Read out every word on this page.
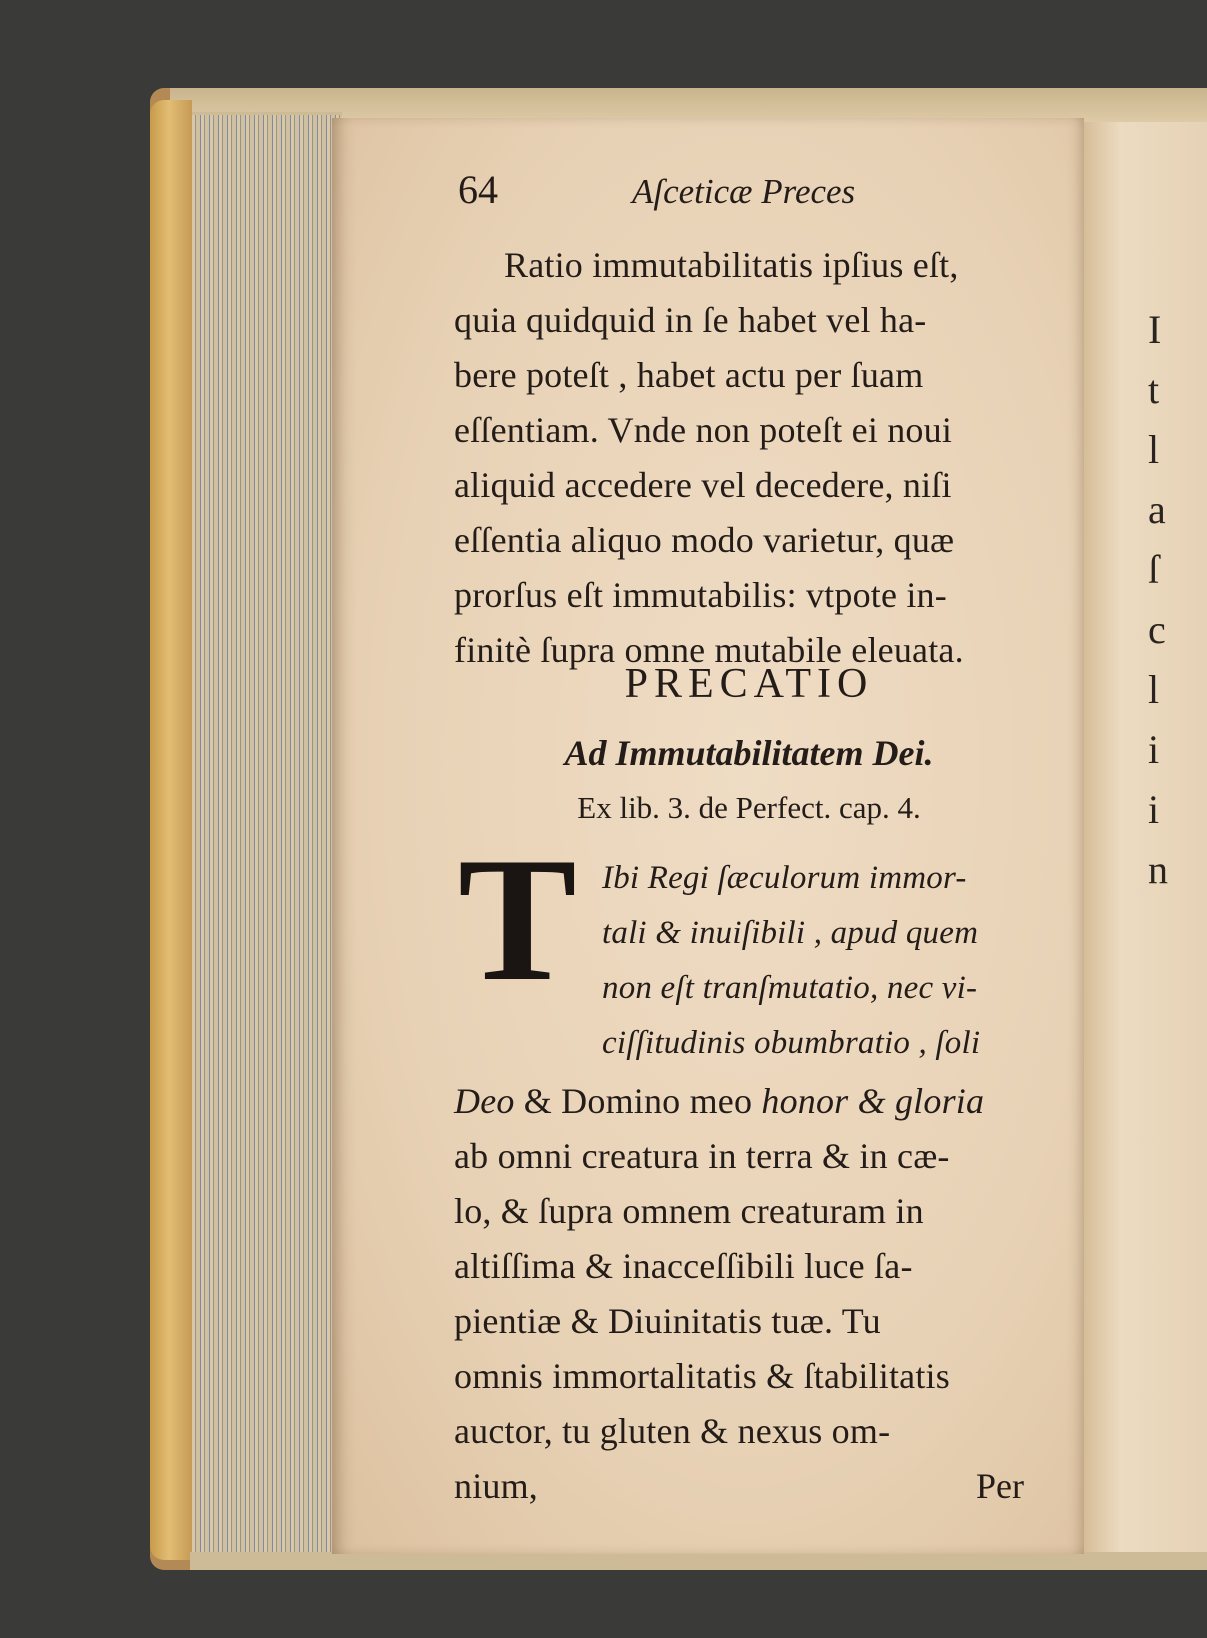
I
t
l
a
ſ
c
l
i
i
n
64	Aſceticæ Preces
Ratio immutabilitatis ipſius eſt,
quia quidquid in ſe habet vel ha-
bere poteſt , habet actu per ſuam
eſſentiam. Vnde non poteſt ei noui
aliquid accedere vel decedere, niſi
eſſentia aliquo modo varietur, quæ
prorſus eſt immutabilis: vtpote in-
finitè ſupra omne mutabile eleuata.
PRECATIO
Ad Immutabilitatem Dei.
Ex lib. 3. de Perfect. cap. 4.
T Ibi Regi ſæculorum immor-
tali & inuiſibili , apud quem
non eſt tranſmutatio, nec vi-
ciſſitudinis obumbratio , ſoli
Deo & Domino meo honor & gloria
ab omni creatura in terra & in cæ-
lo, & ſupra omnem creaturam in
altiſſima & inacceſſibili luce ſa-
pientiæ & Diuinitatis tuæ. Tu
omnis immortalitatis & ſtabilitatis
auctor, tu gluten & nexus om-
nium,	Per
